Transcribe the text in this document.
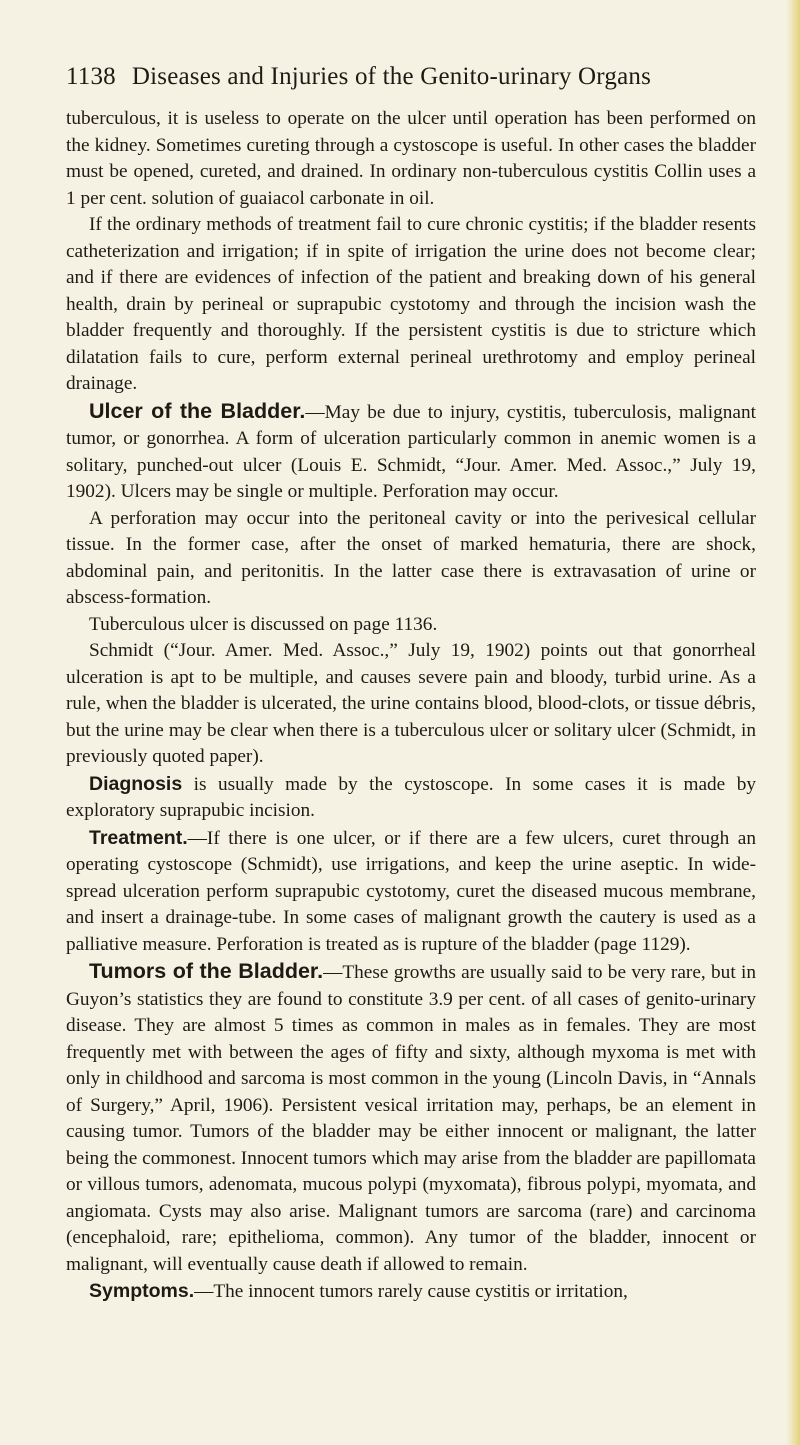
1138 Diseases and Injuries of the Genito-urinary Organs

tuberculous, it is useless to operate on the ulcer until operation has been performed on the kidney. Sometimes cureting through a cystoscope is useful. In other cases the bladder must be opened, cureted, and drained. In ordinary non-tuberculous cystitis Collin uses a 1 per cent. solution of guaiacol carbonate in oil.

If the ordinary methods of treatment fail to cure chronic cystitis; if the bladder resents catheterization and irrigation; if in spite of irrigation the urine does not become clear; and if there are evidences of infection of the patient and breaking down of his general health, drain by perineal or suprapubic cystotomy and through the incision wash the bladder frequently and thoroughly. If the persistent cystitis is due to stricture which dilatation fails to cure, perform external perineal urethrotomy and employ perineal drainage.

Ulcer of the Bladder.—May be due to injury, cystitis, tuberculosis, malignant tumor, or gonorrhea. A form of ulceration particularly common in anemic women is a solitary, punched-out ulcer (Louis E. Schmidt, “Jour. Amer. Med. Assoc.,” July 19, 1902). Ulcers may be single or multiple. Perforation may occur.

A perforation may occur into the peritoneal cavity or into the perivesical cellular tissue. In the former case, after the onset of marked hematuria, there are shock, abdominal pain, and peritonitis. In the latter case there is extravasation of urine or abscess-formation.

Tuberculous ulcer is discussed on page 1136.

Schmidt (“Jour. Amer. Med. Assoc.,” July 19, 1902) points out that gonorrheal ulceration is apt to be multiple, and causes severe pain and bloody, turbid urine. As a rule, when the bladder is ulcerated, the urine contains blood, blood-clots, or tissue débris, but the urine may be clear when there is a tuberculous ulcer or solitary ulcer (Schmidt, in previously quoted paper).

Diagnosis is usually made by the cystoscope. In some cases it is made by exploratory suprapubic incision.

Treatment.—If there is one ulcer, or if there are a few ulcers, curet through an operating cystoscope (Schmidt), use irrigations, and keep the urine aseptic. In wide-spread ulceration perform suprapubic cystotomy, curet the diseased mucous membrane, and insert a drainage-tube. In some cases of malignant growth the cautery is used as a palliative measure. Perforation is treated as is rupture of the bladder (page 1129).

Tumors of the Bladder.—These growths are usually said to be very rare, but in Guyon’s statistics they are found to constitute 3.9 per cent. of all cases of genito-urinary disease. They are almost 5 times as common in males as in females. They are most frequently met with between the ages of fifty and sixty, although myxoma is met with only in childhood and sarcoma is most common in the young (Lincoln Davis, in “Annals of Surgery,” April, 1906). Persistent vesical irritation may, perhaps, be an element in causing tumor. Tumors of the bladder may be either innocent or malignant, the latter being the commonest. Innocent tumors which may arise from the bladder are papillomata or villous tumors, adenomata, mucous polypi (myxomata), fibrous polypi, myomata, and angiomata. Cysts may also arise. Malignant tumors are sarcoma (rare) and carcinoma (encephaloid, rare; epithelioma, common). Any tumor of the bladder, innocent or malignant, will eventually cause death if allowed to remain.

Symptoms.—The innocent tumors rarely cause cystitis or irritation,
